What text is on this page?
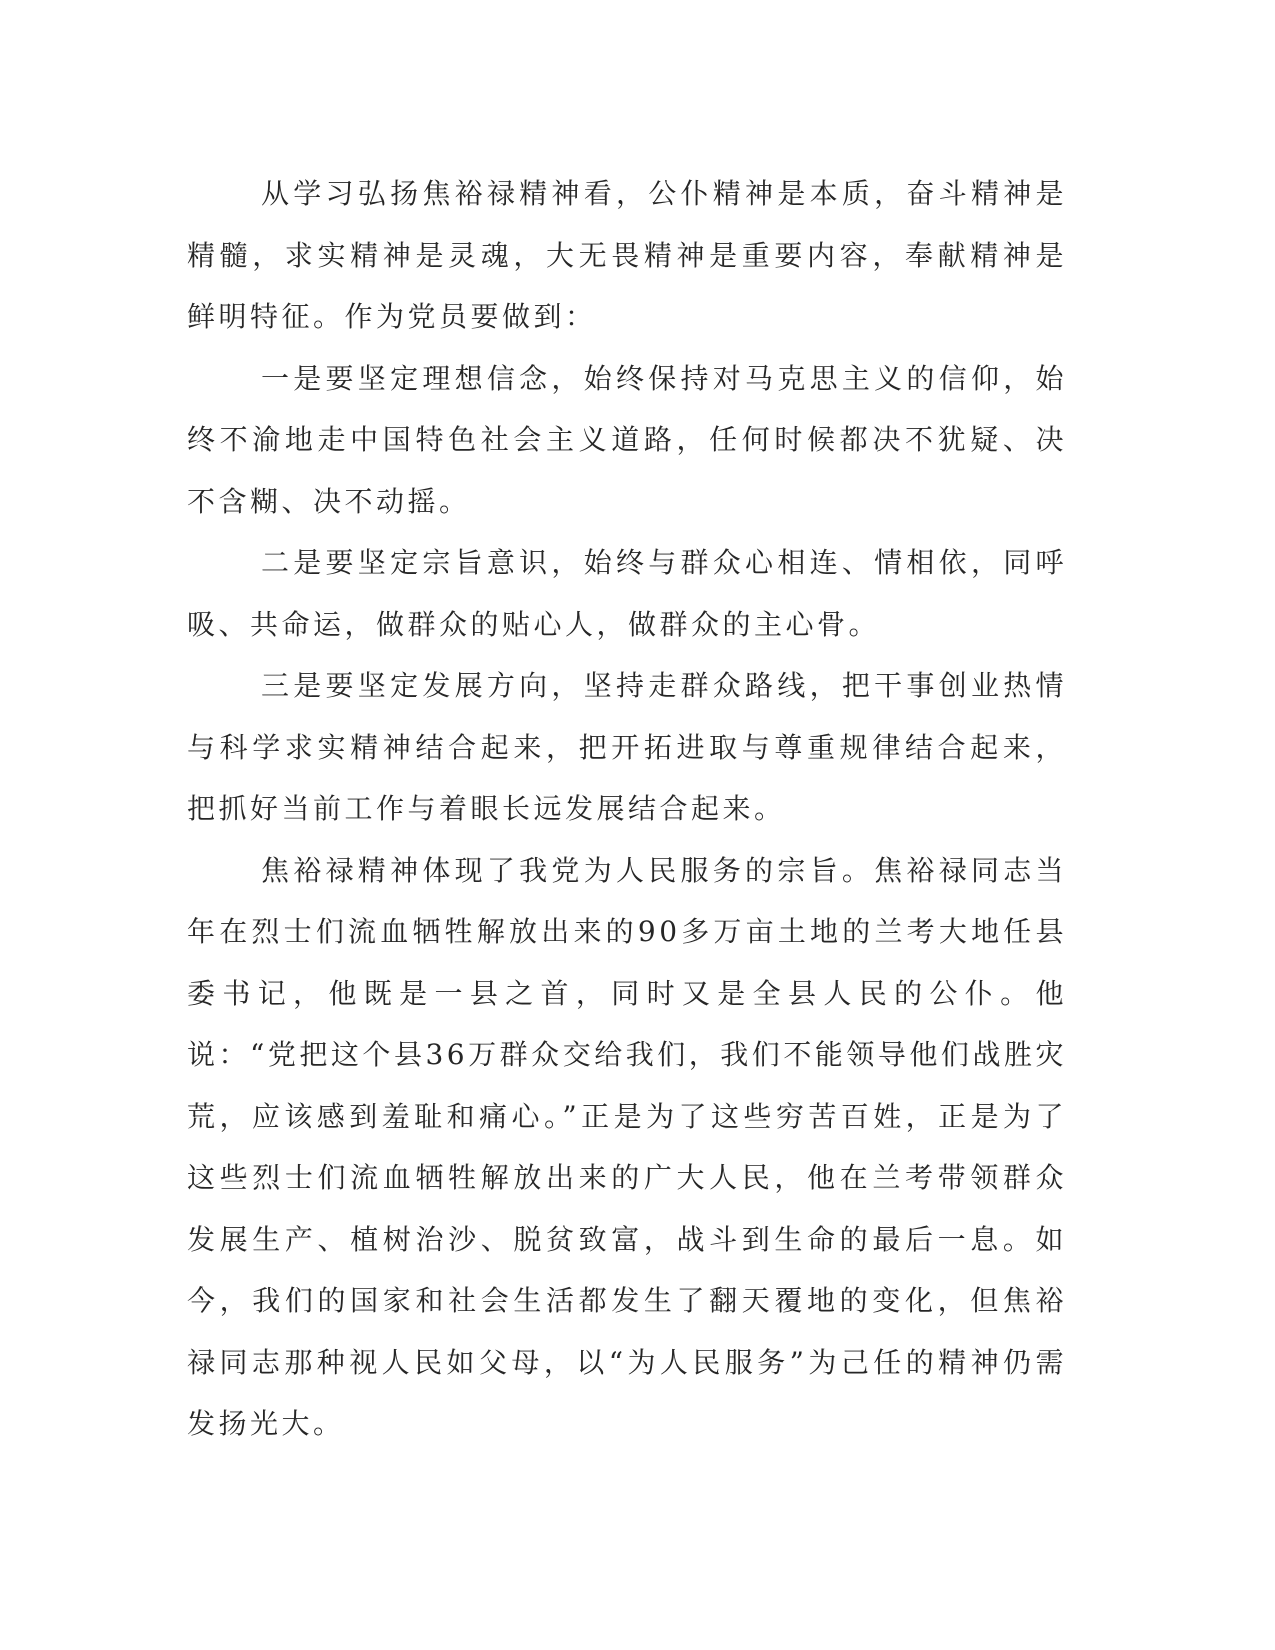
从学习弘扬焦裕禄精神看，公仆精神是本质，奋斗精神是精髓，求实精神是灵魂，大无畏精神是重要内容，奉献精神是鲜明特征。作为党员要做到：

一是要坚定理想信念，始终保持对马克思主义的信仰，始终不渝地走中国特色社会主义道路，任何时候都决不犹疑、决不含糊、决不动摇。

二是要坚定宗旨意识，始终与群众心相连、情相依，同呼吸、共命运，做群众的贴心人，做群众的主心骨。

三是要坚定发展方向，坚持走群众路线，把干事创业热情与科学求实精神结合起来，把开拓进取与尊重规律结合起来，把抓好当前工作与着眼长远发展结合起来。

焦裕禄精神体现了我党为人民服务的宗旨。焦裕禄同志当年在烈士们流血牺牲解放出来的90多万亩土地的兰考大地任县委书记，他既是一县之首，同时又是全县人民的公仆。他说：“党把这个县36万群众交给我们，我们不能领导他们战胜灾荒，应该感到羞耻和痛心。”正是为了这些穷苦百姓，正是为了这些烈士们流血牺牲解放出来的广大人民，他在兰考带领群众发展生产、植树治沙、脱贫致富，战斗到生命的最后一息。如今，我们的国家和社会生活都发生了翻天覆地的变化，但焦裕禄同志那种视人民如父母，以“为人民服务”为己任的精神仍需发扬光大。
